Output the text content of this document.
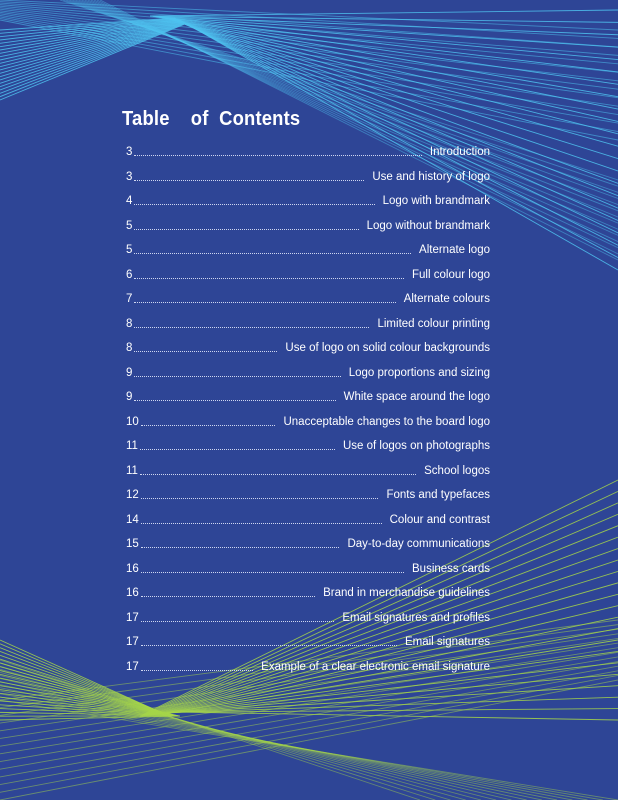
Table    of  Contents
3	Introduction
3	Use and history of logo
4	Logo with brandmark
5	Logo without brandmark
5	Alternate logo
6	Full colour logo
7	Alternate colours
8	Limited colour printing
8	Use of logo on solid colour backgrounds
9	Logo proportions and sizing
9	White space around the logo
10	Unacceptable changes to the board logo
11	Use of logos on photographs
11	School logos
12	Fonts and typefaces
14	Colour and contrast
15	Day-to-day communications
16	Business cards
16	Brand in merchandise guidelines
17	Email signatures and profiles
17	Email signatures
17	Example of a clear electronic email signature
